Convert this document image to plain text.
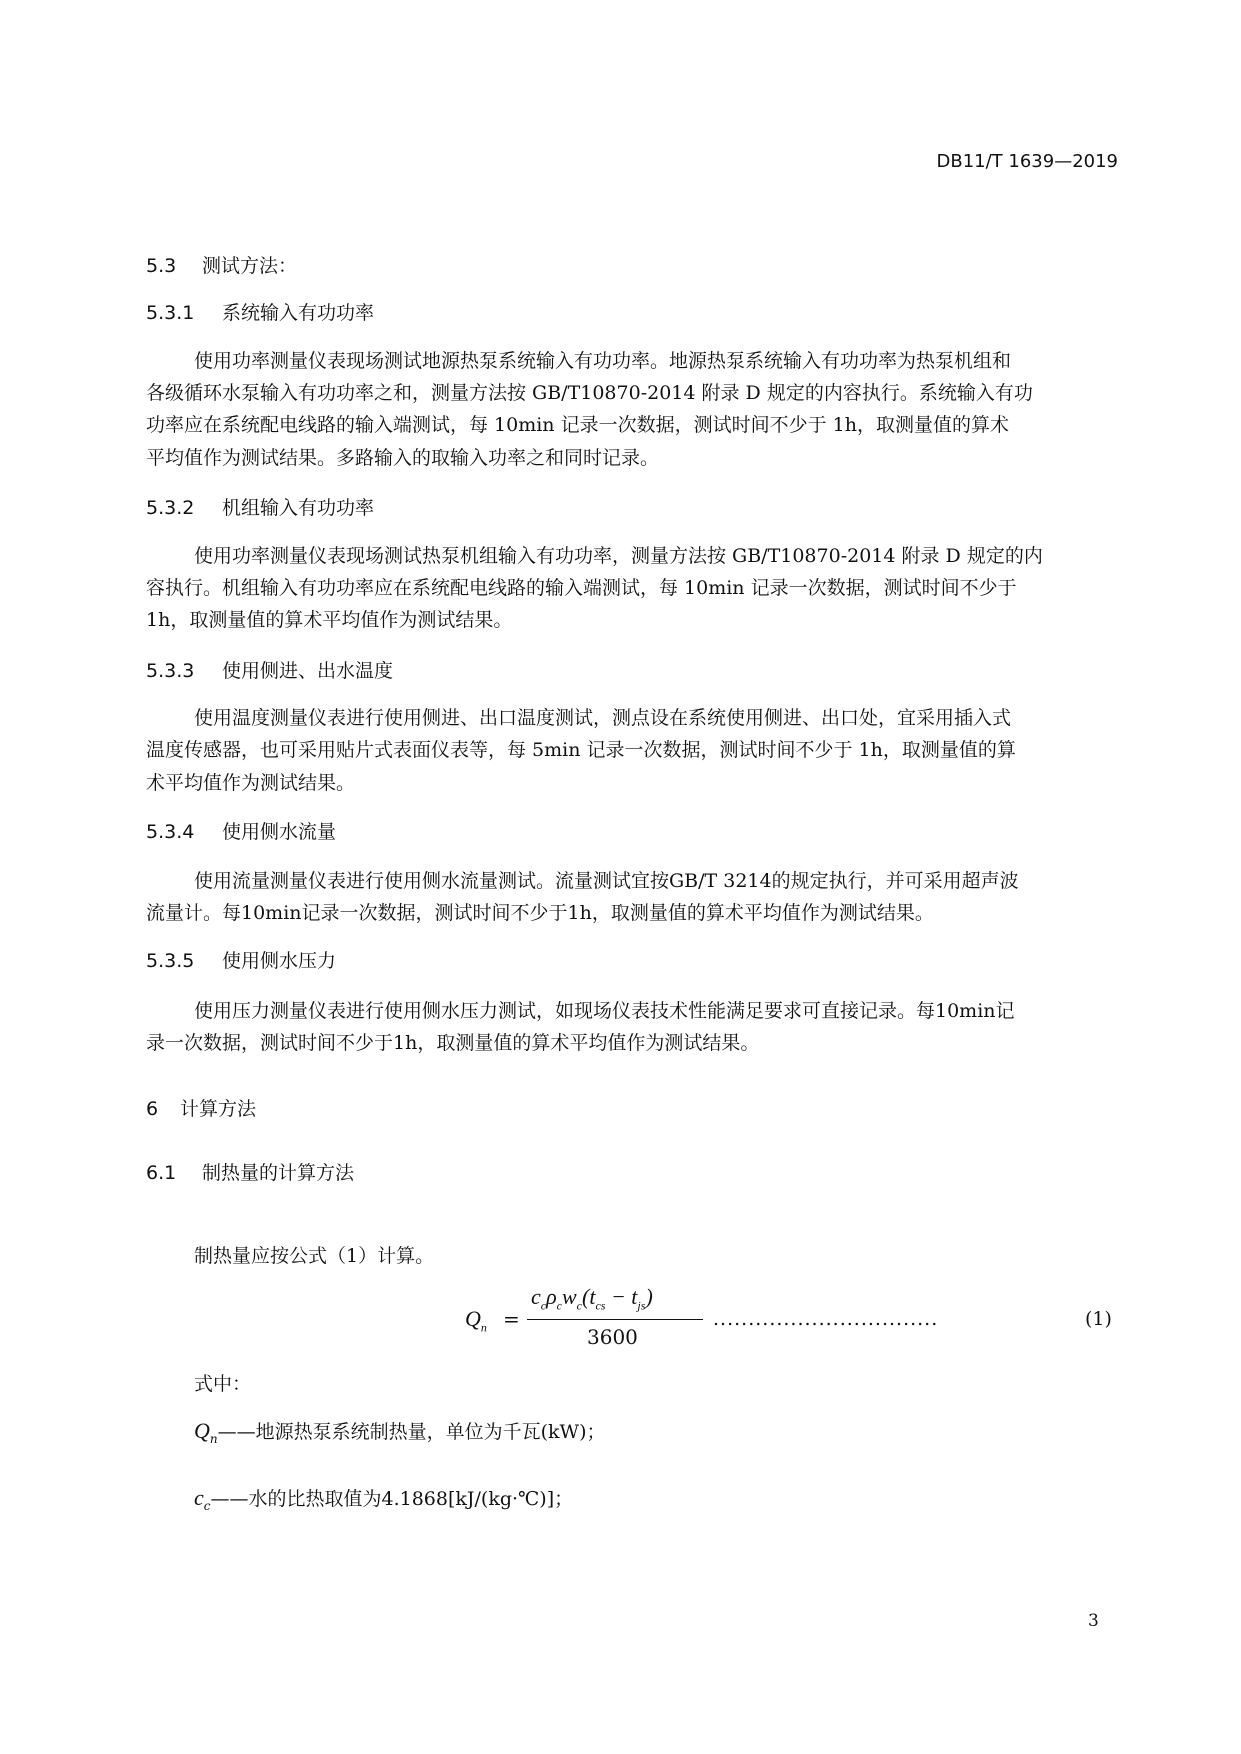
DB11/T 1639—2019
5.3 测试方法：
5.3.1 系统输入有功功率
使用功率测量仪表现场测试地源热泵系统输入有功功率。地源热泵系统输入有功功率为热泵机组和
各级循环水泵输入有功功率之和，测量方法按 GB/T10870-2014 附录 D 规定的内容执行。系统输入有功
功率应在系统配电线路的输入端测试，每 10min 记录一次数据，测试时间不少于 1h，取测量值的算术
平均值作为测试结果。多路输入的取输入功率之和同时记录。
5.3.2 机组输入有功功率
使用功率测量仪表现场测试热泵机组输入有功功率，测量方法按 GB/T10870-2014 附录 D 规定的内
容执行。机组输入有功功率应在系统配电线路的输入端测试，每 10min 记录一次数据，测试时间不少于
1h，取测量值的算术平均值作为测试结果。
5.3.3 使用侧进、出水温度
使用温度测量仪表进行使用侧进、出口温度测试，测点设在系统使用侧进、出口处，宜采用插入式
温度传感器，也可采用贴片式表面仪表等，每 5min 记录一次数据，测试时间不少于 1h，取测量值的算
术平均值作为测试结果。
5.3.4 使用侧水流量
使用流量测量仪表进行使用侧水流量测试。流量测试宜按GB/T 3214的规定执行，并可采用超声波
流量计。每10min记录一次数据，测试时间不少于1h，取测量值的算术平均值作为测试结果。
5.3.5 使用侧水压力
使用压力测量仪表进行使用侧水压力测试，如现场仪表技术性能满足要求可直接记录。每10min记
录一次数据，测试时间不少于1h，取测量值的算术平均值作为测试结果。
6 计算方法
6.1 制热量的计算方法
制热量应按公式（1）计算。
$Q_n$ =
$c_c\rho_cw_c(t_{cs} - t_{js})$
3600
................................	(1)
式中：
$Q_n——$地源热泵系统制热量，单位为千瓦(kW)；
$c_c——$水的比热取值为4.1868[kJ/(kg·℃)]；
3
